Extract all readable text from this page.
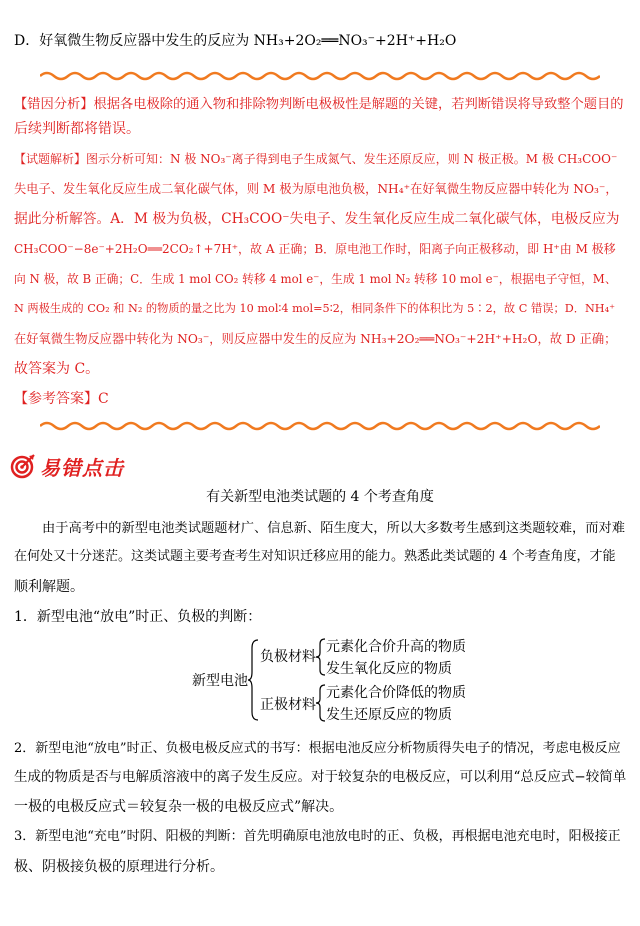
D．好氧微生物反应器中发生的反应为 NH₃+2O₂══NO₃⁻+2H⁺+H₂O
【错因分析】根据各电极除的通入物和排除物判断电极极性是解题的关键，若判断错误将导致整个题目的
后续判断都将错误。
【试题解析】图示分析可知：N 极 NO₃⁻离子得到电子生成氮气、发生还原反应，则 N 极正极。M 极 CH₃COO⁻
失电子、发生氧化反应生成二氧化碳气体，则 M 极为原电池负极，NH₄⁺在好氧微生物反应器中转化为 NO₃⁻，
据此分析解答。A．M 极为负极，CH₃COO⁻失电子、发生氧化反应生成二氧化碳气体，电极反应为
CH₃COO⁻−8e⁻+2H₂O══2CO₂↑+7H⁺，故 A 正确；B．原电池工作时，阳离子向正极移动，即 H⁺由 M 极移
向 N 极，故 B 正确；C．生成 1 mol CO₂ 转移 4 mol e⁻，生成 1 mol N₂ 转移 10 mol e⁻，根据电子守恒，M、
N 两极生成的 CO₂ 和 N₂ 的物质的量之比为 10 mol∶4 mol=5∶2，相同条件下的体积比为 5∶2，故 C 错误；D．NH₄⁺
在好氧微生物反应器中转化为 NO₃⁻，则反应器中发生的反应为 NH₃+2O₂══NO₃⁻+2H⁺+H₂O，故 D 正确；
故答案为 C。
【参考答案】C
易错点击
有关新型电池类试题的 4 个考查角度
由于高考中的新型电池类试题题材广、信息新、陌生度大，所以大多数考生感到这类题较难，而对难
在何处又十分迷茫。这类试题主要考查考生对知识迁移应用的能力。熟悉此类试题的 4 个考查角度，才能
顺利解题。
1．新型电池“放电”时正、负极的判断：
新型电池
负极材料
元素化合价升高的物质
发生氧化反应的物质
正极材料
元素化合价降低的物质
发生还原反应的物质
2．新型电池“放电”时正、负极电极反应式的书写：根据电池反应分析物质得失电子的情况，考虑电极反应
生成的物质是否与电解质溶液中的离子发生反应。对于较复杂的电极反应，可以利用“总反应式−较简单
一极的电极反应式＝较复杂一极的电极反应式”解决。
3．新型电池“充电”时阴、阳极的判断：首先明确原电池放电时的正、负极，再根据电池充电时，阳极接正
极、阴极接负极的原理进行分析。
